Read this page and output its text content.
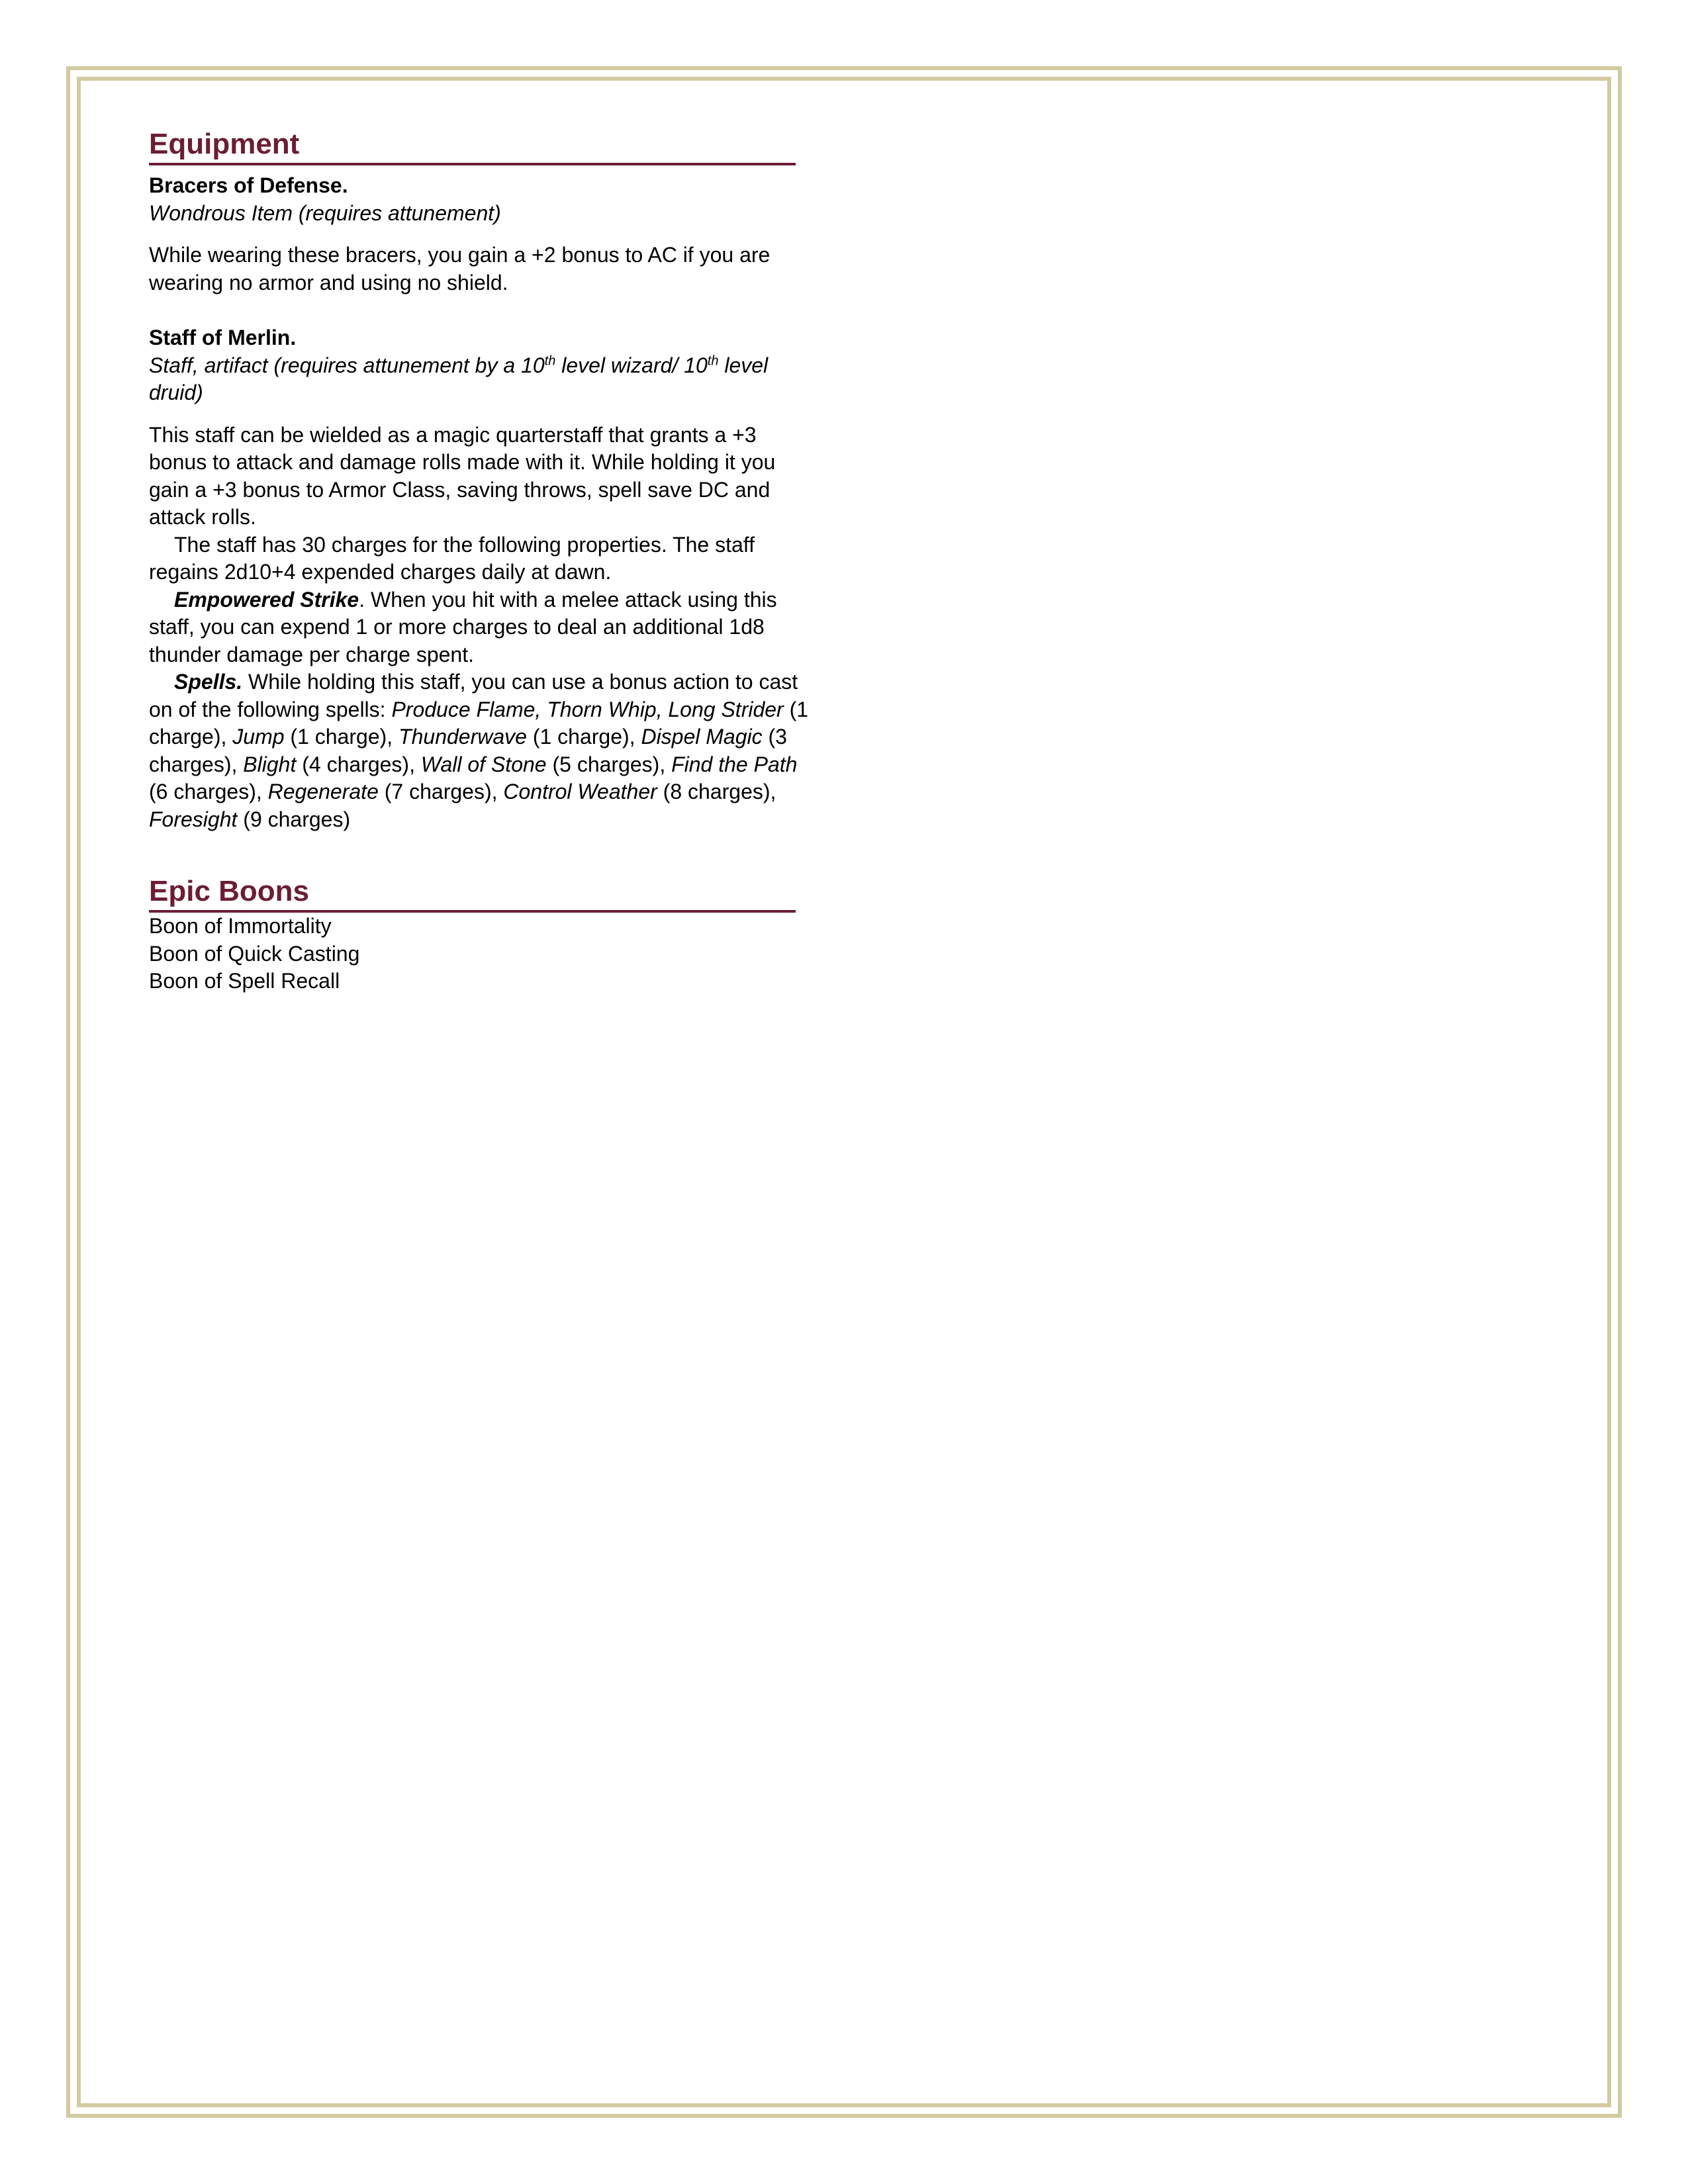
Equipment

Bracers of Defense.

Wondrous Item (requires attunement)

While wearing these bracers, you gain a +2 bonus to AC if you are wearing no armor and using no shield.

Staff of Merlin.

Staff, artifact (requires attunement by a 10th level wizard/ 10th level druid)

This staff can be wielded as a magic quarterstaff that grants a +3 bonus to attack and damage rolls made with it. While holding it you gain a +3 bonus to Armor Class, saving throws, spell save DC and attack rolls.

The staff has 30 charges for the following properties. The staff regains 2d10+4 expended charges daily at dawn.

Empowered Strike. When you hit with a melee attack using this staff, you can expend 1 or more charges to deal an additional 1d8 thunder damage per charge spent.

Spells. While holding this staff, you can use a bonus action to cast on of the following spells: Produce Flame, Thorn Whip, Long Strider (1 charge), Jump (1 charge), Thunderwave (1 charge), Dispel Magic (3 charges), Blight (4 charges), Wall of Stone (5 charges), Find the Path (6 charges), Regenerate (7 charges), Control Weather (8 charges), Foresight (9 charges)

Epic Boons

Boon of Immortality

Boon of Quick Casting

Boon of Spell Recall
